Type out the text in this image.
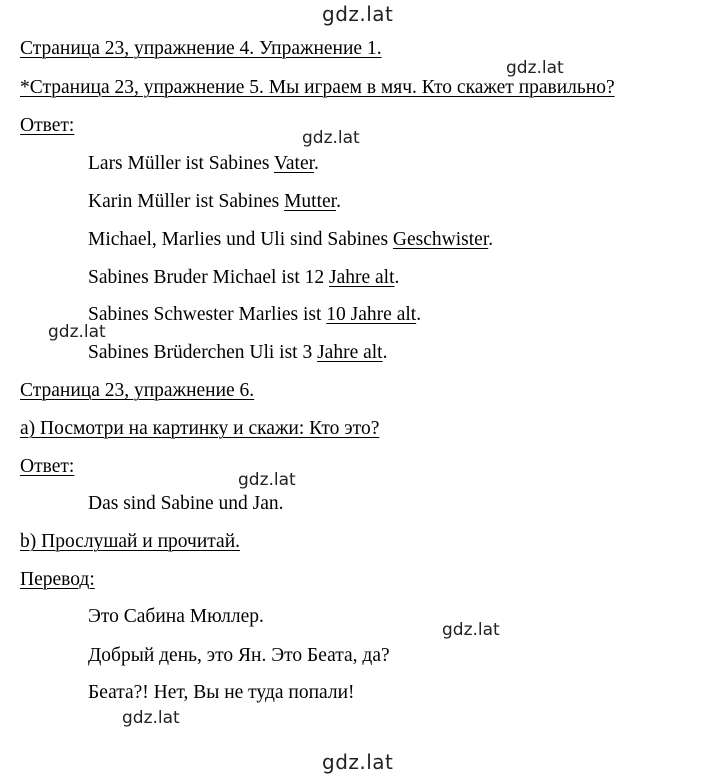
gdz.lat
gdz.lat
gdz.lat
gdz.lat
gdz.lat
gdz.lat
gdz.lat
gdz.lat
Страница 23, упражнение 4. Упражнение 1.
*Страница 23, упражнение 5. Мы играем в мяч. Кто скажет правильно?
Ответ:
Lars Müller ist Sabines Vater.
Karin Müller ist Sabines Mutter.
Michael, Marlies und Uli sind Sabines Geschwister.
Sabines Bruder Michael ist 12 Jahre alt.
Sabines Schwester Marlies ist 10 Jahre alt.
Sabines Brüderchen Uli ist 3 Jahre alt.
Страница 23, упражнение 6.
а) Посмотри на картинку и скажи: Кто это?
Ответ:
Das sind Sabine und Jan.
b) Прослушай и прочитай.
Перевод:
Это Сабина Мюллер.
Добрый день, это Ян. Это Беата, да?
Беата?! Нет, Вы не туда попали!
